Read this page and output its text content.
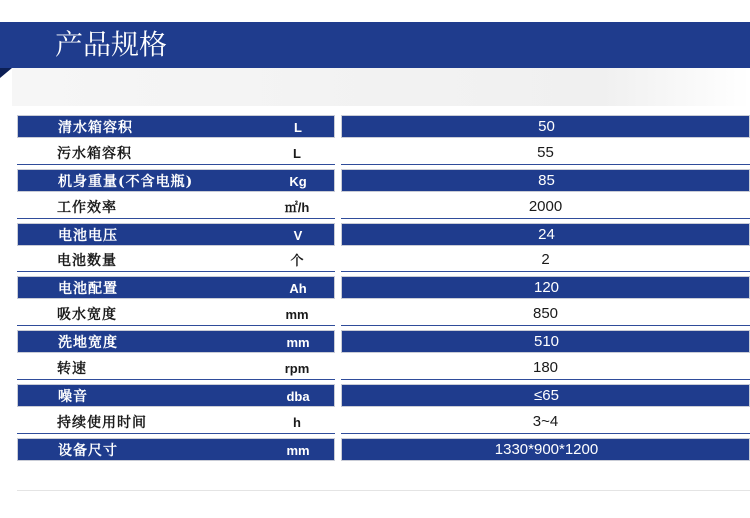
产品规格
清水箱容积	L	50
污水箱容积	L	55
机身重量(不含电瓶)	Kg	85
工作效率	㎡/h	2000
电池电压	V	24
电池数量	个	2
电池配置	Ah	120
吸水宽度	mm	850
洗地宽度	mm	510
转速	rpm	180
噪音	dba	≤65
持续使用时间	h	3~4
设备尺寸	mm	1330*900*1200
